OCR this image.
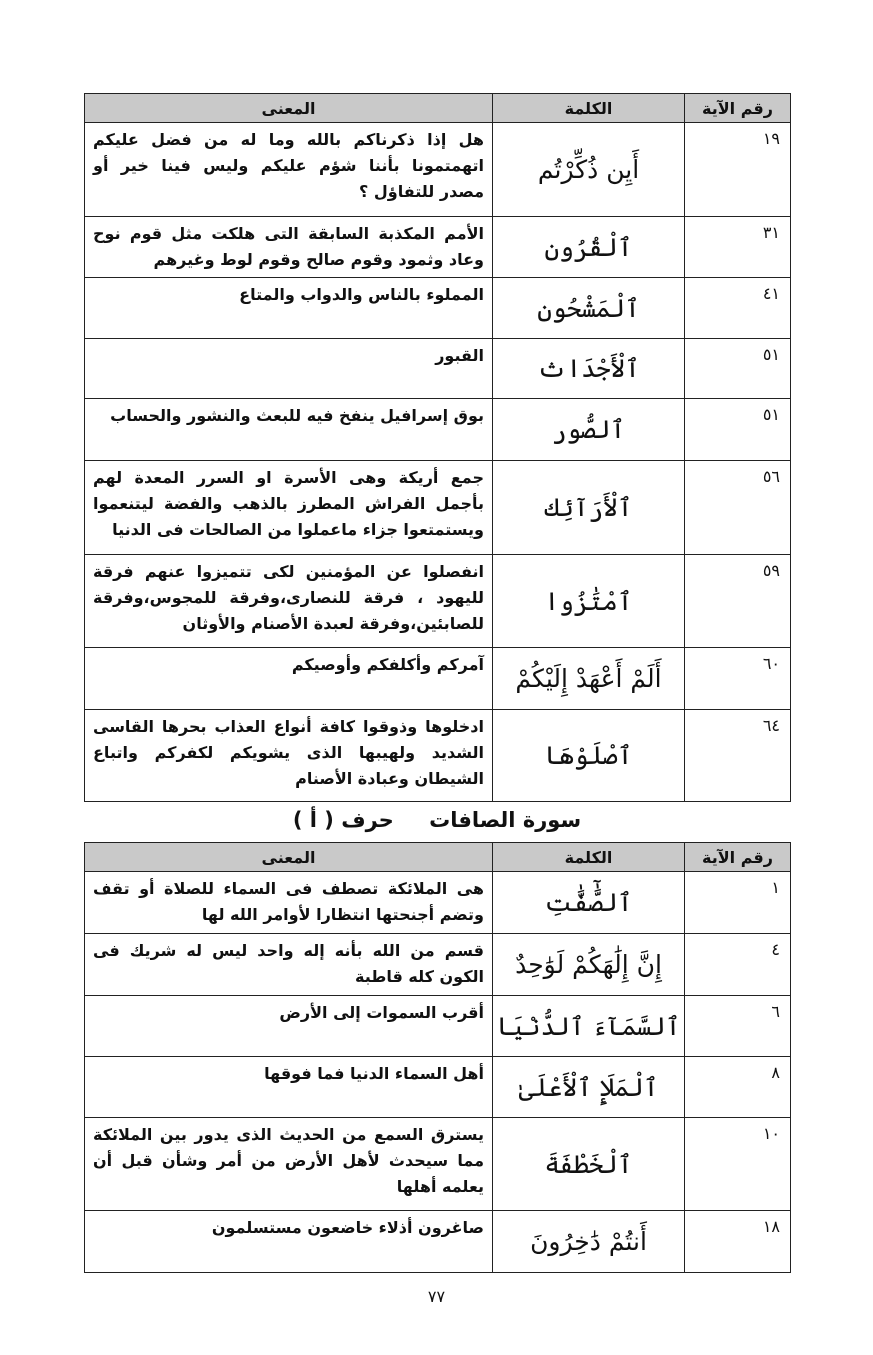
رقم الآية	الكلمة	المعنى
١٩	أَيِن ذُكِّرْتُم	هل إذا ذكرناكم بالله وما له من فضل عليكم اتهمتمونا بأننا شؤم عليكم وليس فينا خير أو مصدر للتفاؤل ؟
٣١	ٱلْقُرُون	الأمم المكذبة السابقة التى هلكت مثل قوم نوح وعاد وثمود وقوم صالح وقوم لوط وغيرهم
٤١	ٱلْمَشْحُون	المملوء بالناس والدواب والمتاع
٥١	ٱلْأَجْدَاث	القبور
٥١	ٱلصُّور	بوق إسرافيل ينفخ فيه للبعث والنشور والحساب
٥٦	ٱلْأَرَآئِك	جمع أريكة وهى الأسرة او السرر المعدة لهم بأجمل الفراش المطرز بالذهب والفضة ليتنعموا ويستمتعوا جزاء ماعملوا من الصالحات فى الدنيا
٥٩	ٱمْتَٰزُوا	انفصلوا عن المؤمنين لكى تتميزوا عنهم فرقة لليهود ، فرقة للنصارى،وفرقة للمجوس،وفرقة للصابئين،وفرقة لعبدة الأصنام والأوثان
٦٠	أَلَمْ أَعْهَدْ إِلَيْكُمْ	آمركم وأكلفكم وأوصيكم
٦٤	ٱصْلَوْهَا	ادخلوها وذوقوا كافة أنواع العذاب بحرها القاسى الشديد ولهيبها الذى يشويكم لكفركم واتباع الشيطان وعبادة الأصنام
سورة الصافات حرف ( أ )
رقم الآية	الكلمة	المعنى
١	ٱلصَّٰٓفَّٰتِ	هى الملائكة تصطف فى السماء للصلاة أو تقف وتضم أجنحتها انتظارا لأوامر الله لها
٤	إِنَّ إِلَٰهَكُمْ لَوَٰحِدٌ	قسم من الله بأنه إله واحد ليس له شريك فى الكون كله قاطبة
٦	ٱلسَّمَآءَ ٱلدُّنْيَا	أقرب السموات إلى الأرض
٨	ٱلْمَلَإِ ٱلْأَعْلَىٰ	أهل السماء الدنيا فما فوقها
١٠	ٱلْخَطْفَةَ	يسترق السمع من الحديث الذى يدور بين الملائكة مما سيحدث لأهل الأرض من أمر وشأن قبل أن يعلمه أهلها
١٨	أَنتُمْ دَٰخِرُونَ	صاغرون أذلاء خاضعون مستسلمون
٧٧
